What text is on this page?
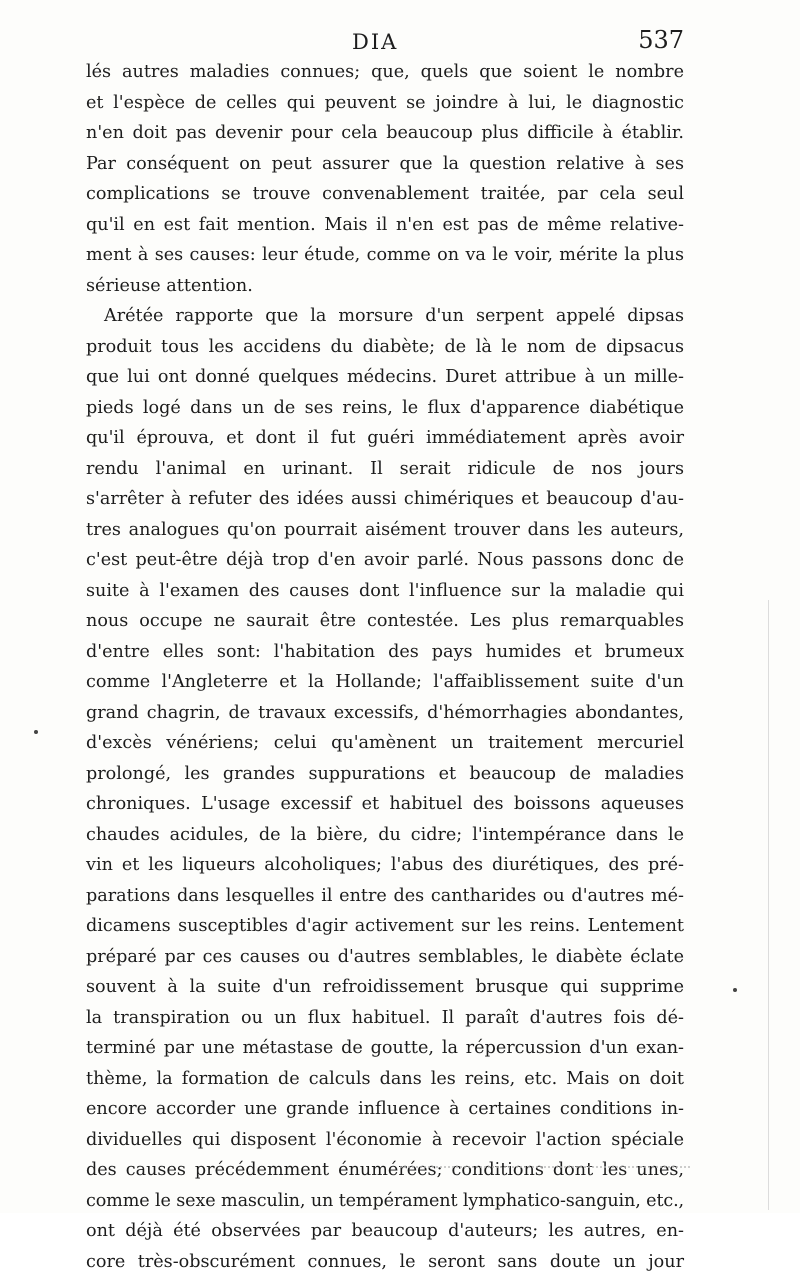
DIA	537
lés autres maladies connues; que, quels que soient le nombre
et l'espèce de celles qui peuvent se joindre à lui, le diagnostic
n'en doit pas devenir pour cela beaucoup plus difficile à établir.
Par conséquent on peut assurer que la question relative à ses
complications se trouve convenablement traitée, par cela seul
qu'il en est fait mention. Mais il n'en est pas de même relative-
ment à ses causes: leur étude, comme on va le voir, mérite la plus
sérieuse attention.
Arétée rapporte que la morsure d'un serpent appelé dipsas
produit tous les accidens du diabète; de là le nom de dipsacus
que lui ont donné quelques médecins. Duret attribue à un mille-
pieds logé dans un de ses reins, le flux d'apparence diabétique
qu'il éprouva, et dont il fut guéri immédiatement après avoir
rendu l'animal en urinant. Il serait ridicule de nos jours
s'arrêter à refuter des idées aussi chimériques et beaucoup d'au-
tres analogues qu'on pourrait aisément trouver dans les auteurs,
c'est peut-être déjà trop d'en avoir parlé. Nous passons donc de
suite à l'examen des causes dont l'influence sur la maladie qui
nous occupe ne saurait être contestée. Les plus remarquables
d'entre elles sont: l'habitation des pays humides et brumeux
comme l'Angleterre et la Hollande; l'affaiblissement suite d'un
grand chagrin, de travaux excessifs, d'hémorrhagies abondantes,
d'excès vénériens; celui qu'amènent un traitement mercuriel
prolongé, les grandes suppurations et beaucoup de maladies
chroniques. L'usage excessif et habituel des boissons aqueuses
chaudes acidules, de la bière, du cidre; l'intempérance dans le
vin et les liqueurs alcoholiques; l'abus des diurétiques, des pré-
parations dans lesquelles il entre des cantharides ou d'autres mé-
dicamens susceptibles d'agir activement sur les reins. Lentement
préparé par ces causes ou d'autres semblables, le diabète éclate
souvent à la suite d'un refroidissement brusque qui supprime
la transpiration ou un flux habituel. Il paraît d'autres fois dé-
terminé par une métastase de goutte, la répercussion d'un exan-
thème, la formation de calculs dans les reins, etc. Mais on doit
encore accorder une grande influence à certaines conditions in-
dividuelles qui disposent l'économie à recevoir l'action spéciale
des causes précédemment énumérées; conditions dont les unes,
comme le sexe masculin, un tempérament lymphatico-sanguin, etc.,
ont déjà été observées par beaucoup d'auteurs; les autres, en-
core très-obscurément connues, le seront sans doute un jour
